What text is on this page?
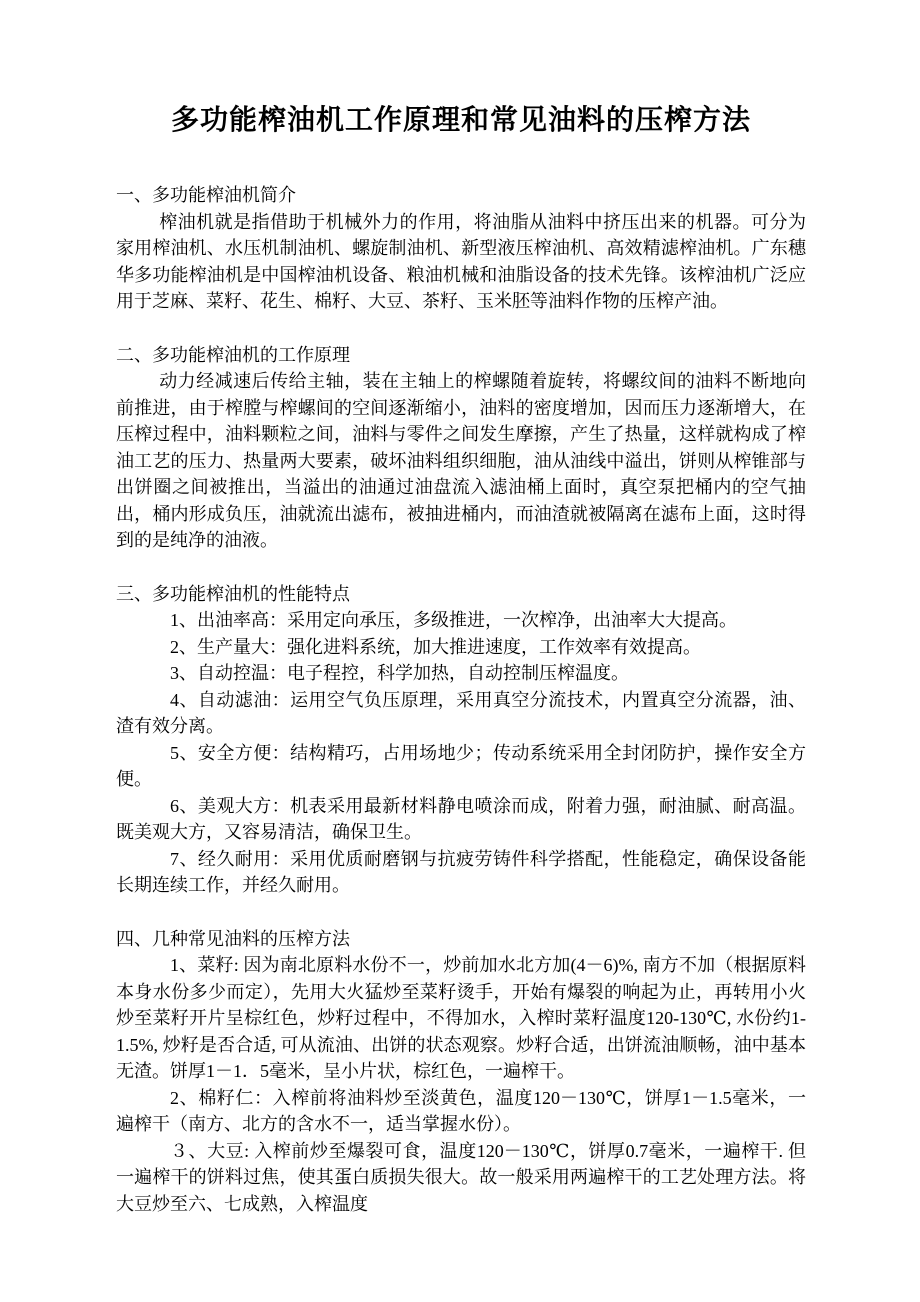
多功能榨油机工作原理和常见油料的压榨方法
一、多功能榨油机简介

榨油机就是指借助于机械外力的作用，将油脂从油料中挤压出来的机器。可分为家用榨油机、水压机制油机、螺旋制油机、新型液压榨油机、高效精滤榨油机。广东穗华多功能榨油机是中国榨油机设备、粮油机械和油脂设备的技术先锋。该榨油机广泛应用于芝麻、菜籽、花生、棉籽、大豆、茶籽、玉米胚等油料作物的压榨产油。

二、多功能榨油机的工作原理

动力经减速后传给主轴，装在主轴上的榨螺随着旋转，将螺纹间的油料不断地向前推进，由于榨膛与榨螺间的空间逐渐缩小，油料的密度增加，因而压力逐渐增大，在压榨过程中，油料颗粒之间，油料与零件之间发生摩擦，产生了热量，这样就构成了榨油工艺的压力、热量两大要素，破坏油料组织细胞，油从油线中溢出，饼则从榨锥部与出饼圈之间被推出，当溢出的油通过油盘流入滤油桶上面时，真空泵把桶内的空气抽出，桶内形成负压，油就流出滤布，被抽进桶内，而油渣就被隔离在滤布上面，这时得到的是纯净的油液。

三、多功能榨油机的性能特点

1、出油率高：采用定向承压，多级推进，一次榨净，出油率大大提高。

2、生产量大：强化进料系统，加大推进速度，工作效率有效提高。

3、自动控温：电子程控，科学加热，自动控制压榨温度。

4、自动滤油：运用空气负压原理，采用真空分流技术，内置真空分流器，油、渣有效分离。

5、安全方便：结构精巧，占用场地少；传动系统采用全封闭防护，操作安全方便。

6、美观大方：机表采用最新材料静电喷涂而成，附着力强，耐油腻、耐高温。既美观大方，又容易清洁，确保卫生。

7、经久耐用：采用优质耐磨钢与抗疲劳铸件科学搭配，性能稳定，确保设备能长期连续工作，并经久耐用。

四、几种常见油料的压榨方法

1、菜籽: 因为南北原料水份不一，炒前加水北方加(4－6)%, 南方不加（根据原料本身水份多少而定），先用大火猛炒至菜籽烫手，开始有爆裂的响起为止，再转用小火炒至菜籽开片呈棕红色，炒籽过程中，不得加水，入榨时菜籽温度120-130℃, 水份约1-1.5%, 炒籽是否合适, 可从流油、出饼的状态观察。炒籽合适，出饼流油顺畅，油中基本无渣。饼厚1－1．5毫米，呈小片状，棕红色，一遍榨干。

2、棉籽仁：入榨前将油料炒至淡黄色，温度120－130℃，饼厚1－1.5毫米，一遍榨干（南方、北方的含水不一，适当掌握水份）。

３、大豆: 入榨前炒至爆裂可食，温度120－130℃，饼厚0.7毫米，一遍榨干. 但一遍榨干的饼料过焦，使其蛋白质损失很大。故一般采用两遍榨干的工艺处理方法。将大豆炒至六、七成熟，入榨温度
